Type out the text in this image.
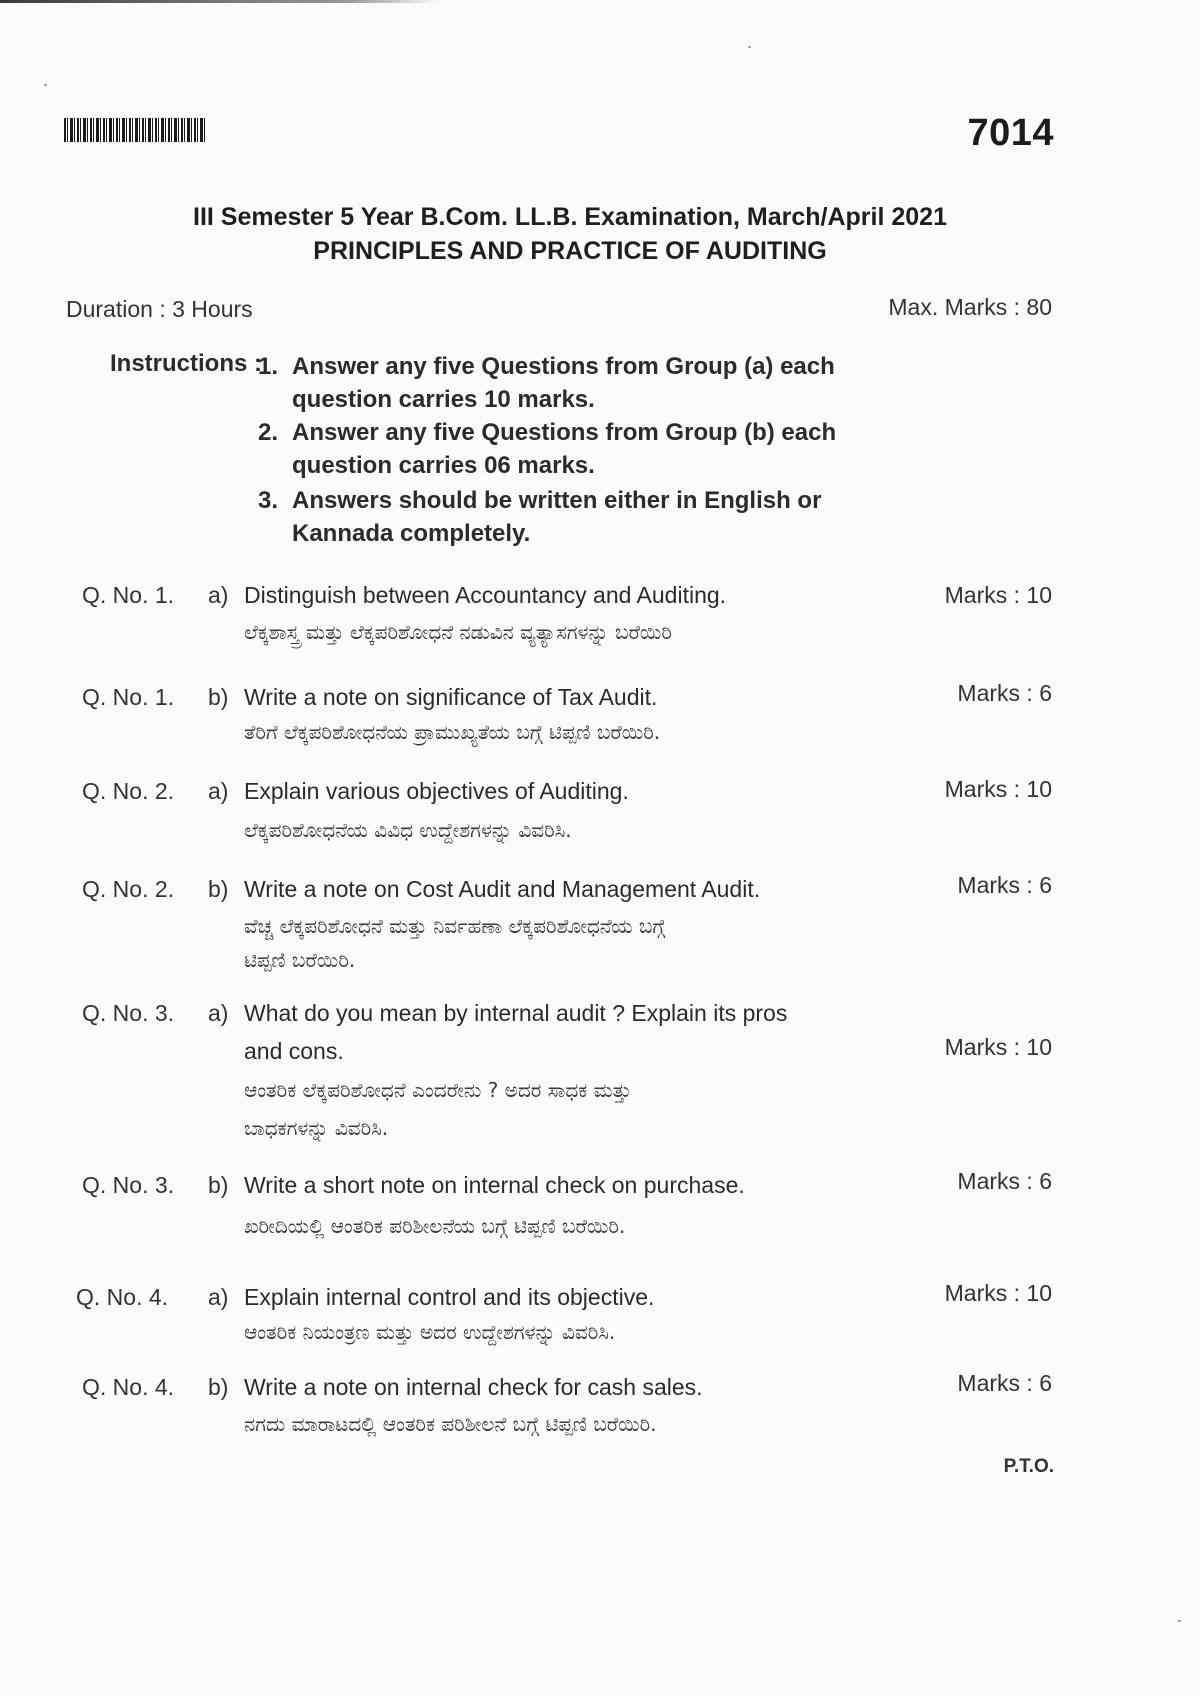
7014
III Semester 5 Year B.Com. LL.B. Examination, March/April 2021
PRINCIPLES AND PRACTICE OF AUDITING
Duration : 3 Hours	Max. Marks : 80
Instructions :
1. Answer any five Questions from Group (a) each
question carries 10 marks.
2. Answer any five Questions from Group (b) each
question carries 06 marks.
3. Answers should be written either in English or
Kannada completely.
Q. No. 1. a) Distinguish between Accountancy and Auditing.
ಲೆಕ್ಕಶಾಸ್ತ್ರ ಮತ್ತು ಲೆಕ್ಕಪರಿಶೋಧನೆ ನಡುವಿನ ವ್ಯತ್ಯಾಸಗಳನ್ನು ಬರೆಯಿರಿ
Marks : 10
Q. No. 1. b) Write a note on significance of Tax Audit.
ತೆರಿಗೆ ಲೆಕ್ಕಪರಿಶೋಧನೆಯ ಪ್ರಾಮುಖ್ಯತೆಯ ಬಗ್ಗೆ ಟಿಪ್ಪಣಿ ಬರೆಯಿರಿ.
Marks : 6
Q. No. 2. a) Explain various objectives of Auditing.
ಲೆಕ್ಕಪರಿಶೋಧನೆಯ ವಿವಿಧ ಉದ್ದೇಶಗಳನ್ನು ವಿವರಿಸಿ.
Marks : 10
Q. No. 2. b) Write a note on Cost Audit and Management Audit.
ವೆಚ್ಚ ಲೆಕ್ಕಪರಿಶೋಧನೆ ಮತ್ತು ನಿರ್ವಹಣಾ ಲೆಕ್ಕಪರಿಶೋಧನೆಯ ಬಗ್ಗೆ
ಟಿಪ್ಪಣಿ ಬರೆಯಿರಿ.
Marks : 6
Q. No. 3. a) What do you mean by internal audit ? Explain its pros
and cons.
ಆಂತರಿಕ ಲೆಕ್ಕಪರಿಶೋಧನೆ ಎಂದರೇನು ? ಅದರ ಸಾಧಕ ಮತ್ತು
ಬಾಧಕಗಳನ್ನು ವಿವರಿಸಿ.
Marks : 10
Q. No. 3. b) Write a short note on internal check on purchase.
ಖರೀದಿಯಲ್ಲಿ ಆಂತರಿಕ ಪರಿಶೀಲನೆಯ ಬಗ್ಗೆ ಟಿಪ್ಪಣಿ ಬರೆಯಿರಿ.
Marks : 6
Q. No. 4. a) Explain internal control and its objective.
ಆಂತರಿಕ ನಿಯಂತ್ರಣ ಮತ್ತು ಅದರ ಉದ್ದೇಶಗಳನ್ನು ವಿವರಿಸಿ.
Marks : 10
Q. No. 4. b) Write a note on internal check for cash sales.
ನಗದು ಮಾರಾಟದಲ್ಲಿ ಆಂತರಿಕ ಪರಿಶೀಲನೆ ಬಗ್ಗೆ ಟಿಪ್ಪಣಿ ಬರೆಯಿರಿ.
Marks : 6
P.T.O.
